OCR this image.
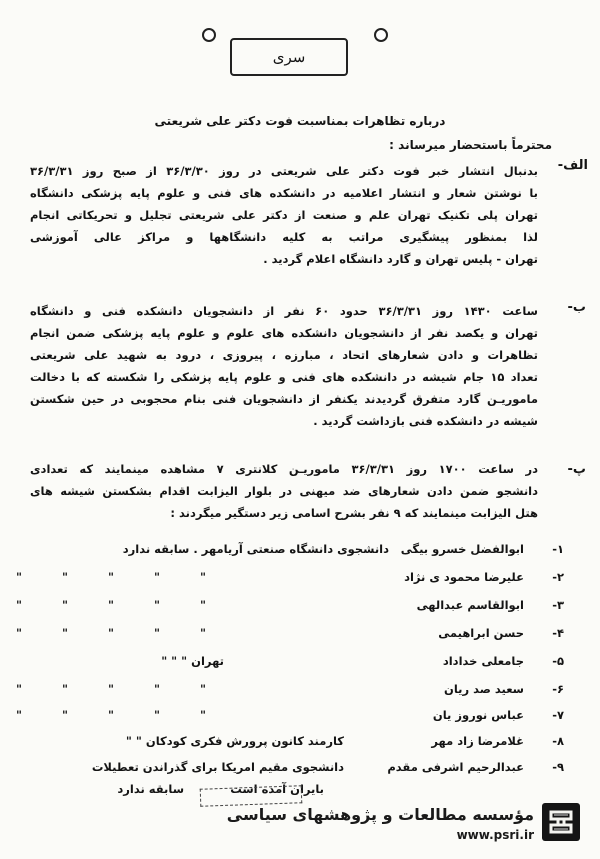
سری
درباره تظاهرات بمناسبت فوت دکتر علی شریعتی
محترماً باستحضار میرساند :
الف-
بدنبال انتشار خبر فوت دکتر علی شریعتی در روز ۳۶/۳/۳۰ از صبح روز ۳۶/۳/۳۱
با نوشتن شعار و انتشار اعلامیه در دانشکده های فنی و علوم پایه پزشکی دانشگاه
تهران پلی تکنیک تهران علم و صنعت از دکتر علی شریعتی تجلیل و تحریکاتی انجام
لذا بمنظور پیشگیری مراتب به کلیه دانشگاهها و مراکز عالی آموزشی
تهران - پلیس تهران و گارد دانشگاه اعلام گردید .
ب-
ساعت ۱۴۳۰ روز ۳۶/۳/۳۱ حدود ۶۰ نفر از دانشجویان دانشکده فنی و دانشگاه
تهران و یکصد نفر از دانشجویان دانشکده های علوم و علوم پایه پزشکی ضمن انجام
تظاهرات و دادن شعارهای اتحاد ، مبارزه ، پیروزی ، درود به شهید علی شریعتی
تعداد ۱۵ جام شیشه در دانشکده های فنی و علوم پایه پزشکی را شکسته که با دخالت
ماموریـن گارد متفرق گردیدند یکنفر از دانشجویان فنی بنام محجوبی در حین شکستن
شیشه در دانشکده فنی بازداشت گردید .
پ-
در ساعت ۱۷۰۰ روز ۳۶/۳/۳۱ ماموریـن کلانتری ۷ مشاهده مینمایند که تعدادی
دانشجو ضمن دادن شعارهای ضد میهنی در بلوار الیزابت اقدام بشکستن شیشه های
هتل الیزابت مینمایند که ۹ نفر بشرح اسامی زیر دستگیر میگردند :
۱-
ابوالفضل خسرو بیگی
دانشجوی دانشگاه صنعتی آریامهر . سابقه ندارد
۲-
علیرضا محمود ی نژاد
" " " " "
۳-
ابوالقاسم عبدالهی
" " " " "
۴-
حسن ابراهیمی
" " " " "
۵-
جامعلی خداداد
تهران " " "
۶-
سعید صد ریان
" " " " "
۷-
عباس نوروز یان
" " " " "
۸-
غلامرضا زاد مهر
کارمند کانون پرورش فکری کودکان " "
۹-
عبدالرحیم اشرفی مقدم
دانشجوی مقیم امریکا برای گذراندن تعطیلات
بایران آمده است
سابقه ندارد
مؤسسه مطالعات و پژوهشهای سیاسی
www.psri.ir
